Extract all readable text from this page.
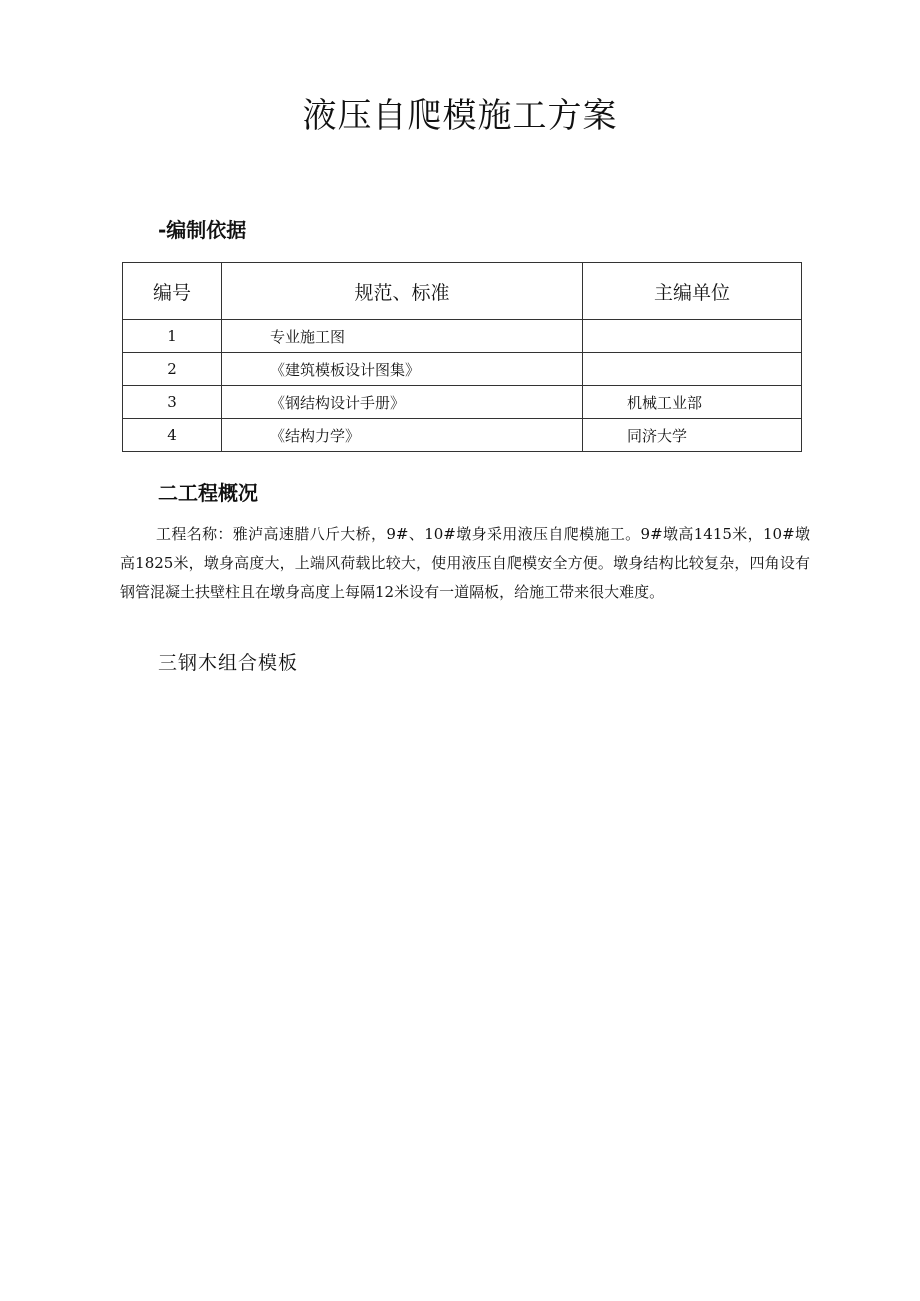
液压自爬模施工方案
-编制依据
编号	规范、标准	主编单位
1	专业施工图	
2	《建筑模板设计图集》	
3	《钢结构设计手册》	机械工业部
4	《结构力学》	同济大学
二工程概况

工程名称：雅泸高速腊八斤大桥，9#、10#墩身采用液压自爬模施工。9#墩高1415米，10#墩高1825米，墩身高度大，上端风荷载比较大，使用液压自爬模安全方便。墩身结构比较复杂，四角设有钢管混凝土扶壁柱且在墩身高度上每隔12米设有一道隔板，给施工带来很大难度。

三钢木组合模板
